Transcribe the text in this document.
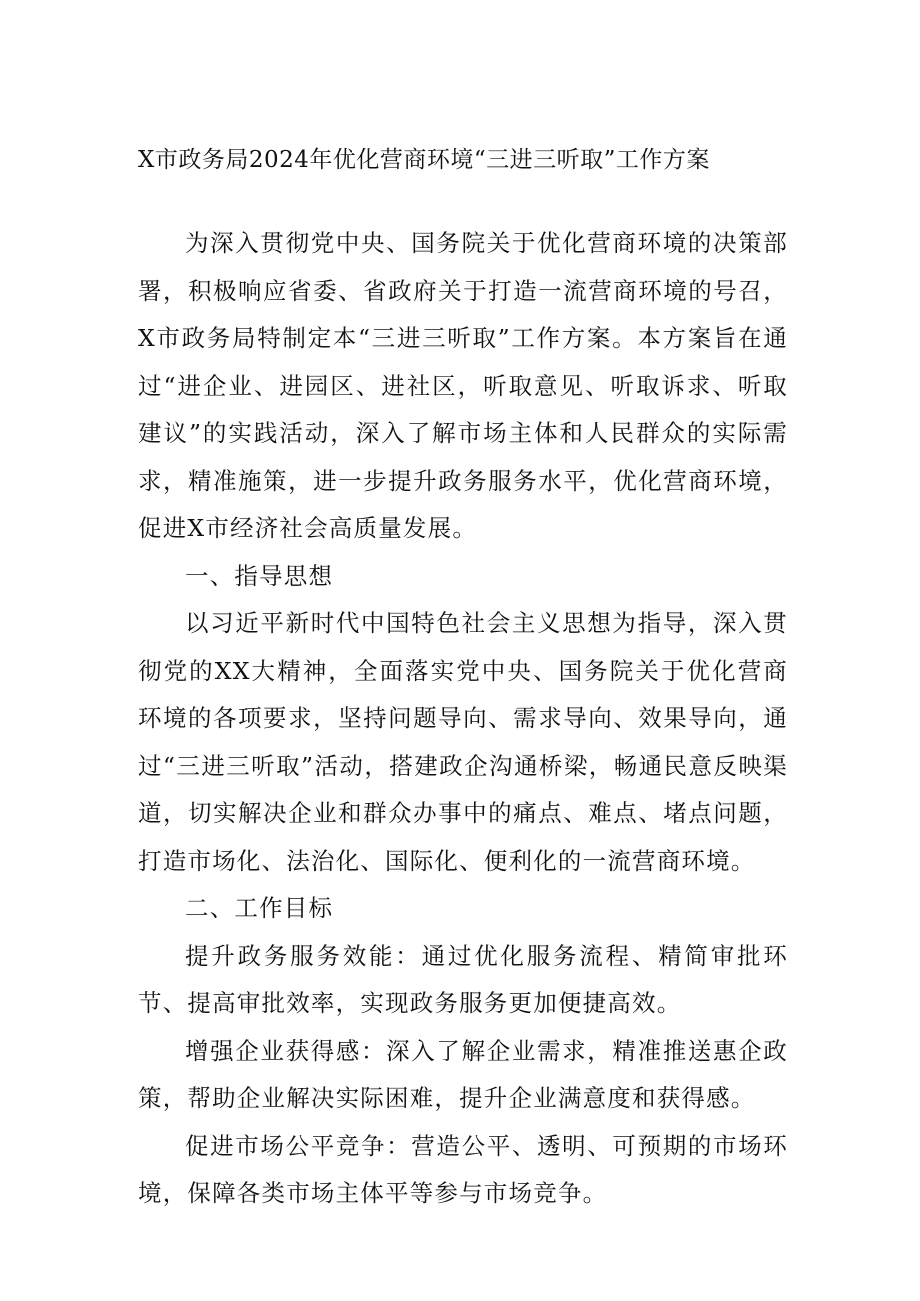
X市政务局2024年优化营商环境“三进三听取”工作方案

为深入贯彻党中央、国务院关于优化营商环境的决策部署，积极响应省委、省政府关于打造一流营商环境的号召，X市政务局特制定本“三进三听取”工作方案。本方案旨在通过“进企业、进园区、进社区，听取意见、听取诉求、听取建议”的实践活动，深入了解市场主体和人民群众的实际需求，精准施策，进一步提升政务服务水平，优化营商环境，促进X市经济社会高质量发展。

一、指导思想

以习近平新时代中国特色社会主义思想为指导，深入贯彻党的XX大精神，全面落实党中央、国务院关于优化营商环境的各项要求，坚持问题导向、需求导向、效果导向，通过“三进三听取”活动，搭建政企沟通桥梁，畅通民意反映渠道，切实解决企业和群众办事中的痛点、难点、堵点问题，打造市场化、法治化、国际化、便利化的一流营商环境。

二、工作目标

提升政务服务效能：通过优化服务流程、精简审批环节、提高审批效率，实现政务服务更加便捷高效。

增强企业获得感：深入了解企业需求，精准推送惠企政策，帮助企业解决实际困难，提升企业满意度和获得感。

促进市场公平竞争：营造公平、透明、可预期的市场环境，保障各类市场主体平等参与市场竞争。
